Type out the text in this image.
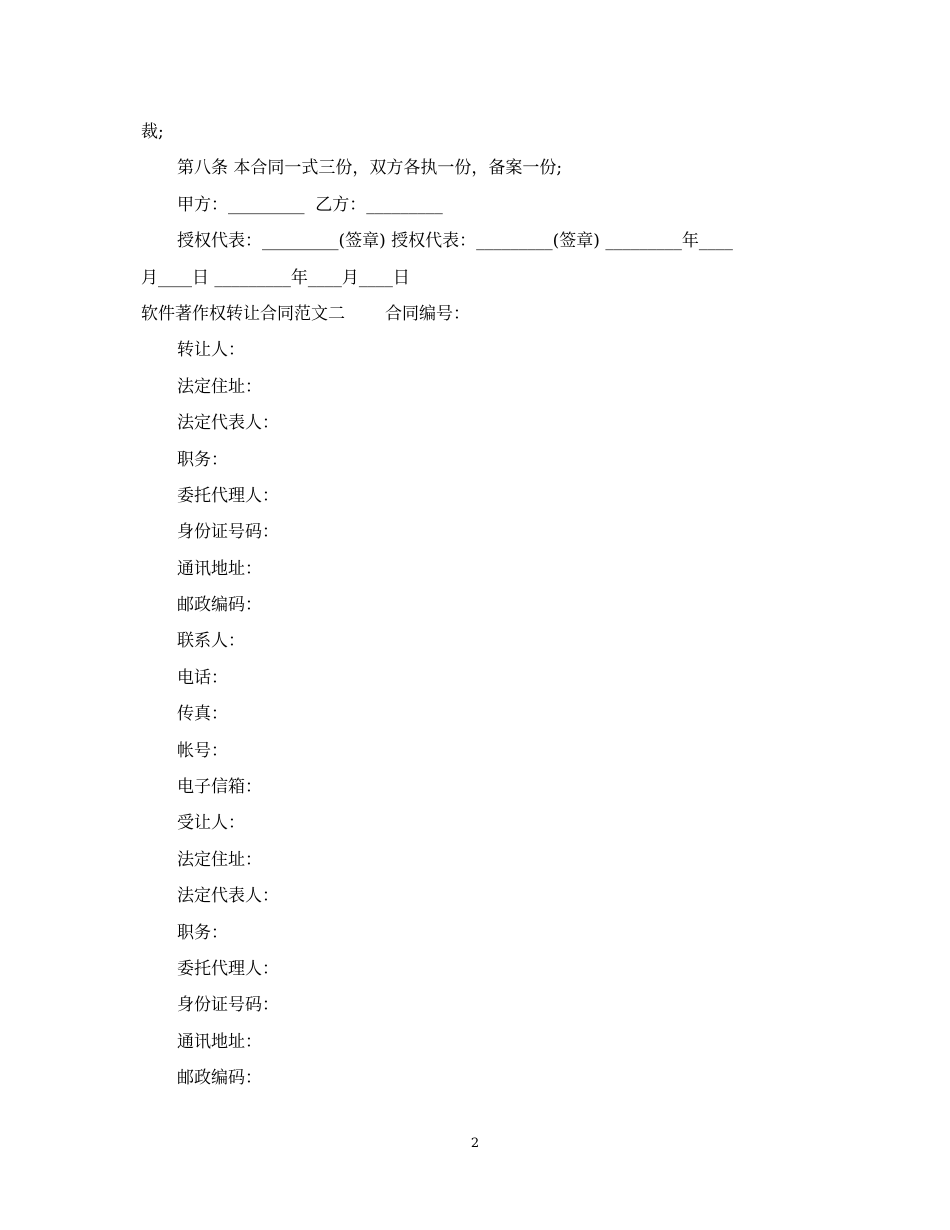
裁;
第八条 本合同一式三份，双方各执一份，备案一份;
甲方：_________  乙方：_________
授权代表：_________(签章) 授权代表：_________(签章) _________年____
月____日 _________年____月____日
软件著作权转让合同范文二 合同编号：
转让人：
法定住址：
法定代表人：
职务：
委托代理人：
身份证号码：
通讯地址：
邮政编码：
联系人：
电话：
传真：
帐号：
电子信箱：
受让人：
法定住址：
法定代表人：
职务：
委托代理人：
身份证号码：
通讯地址：
邮政编码：
2
